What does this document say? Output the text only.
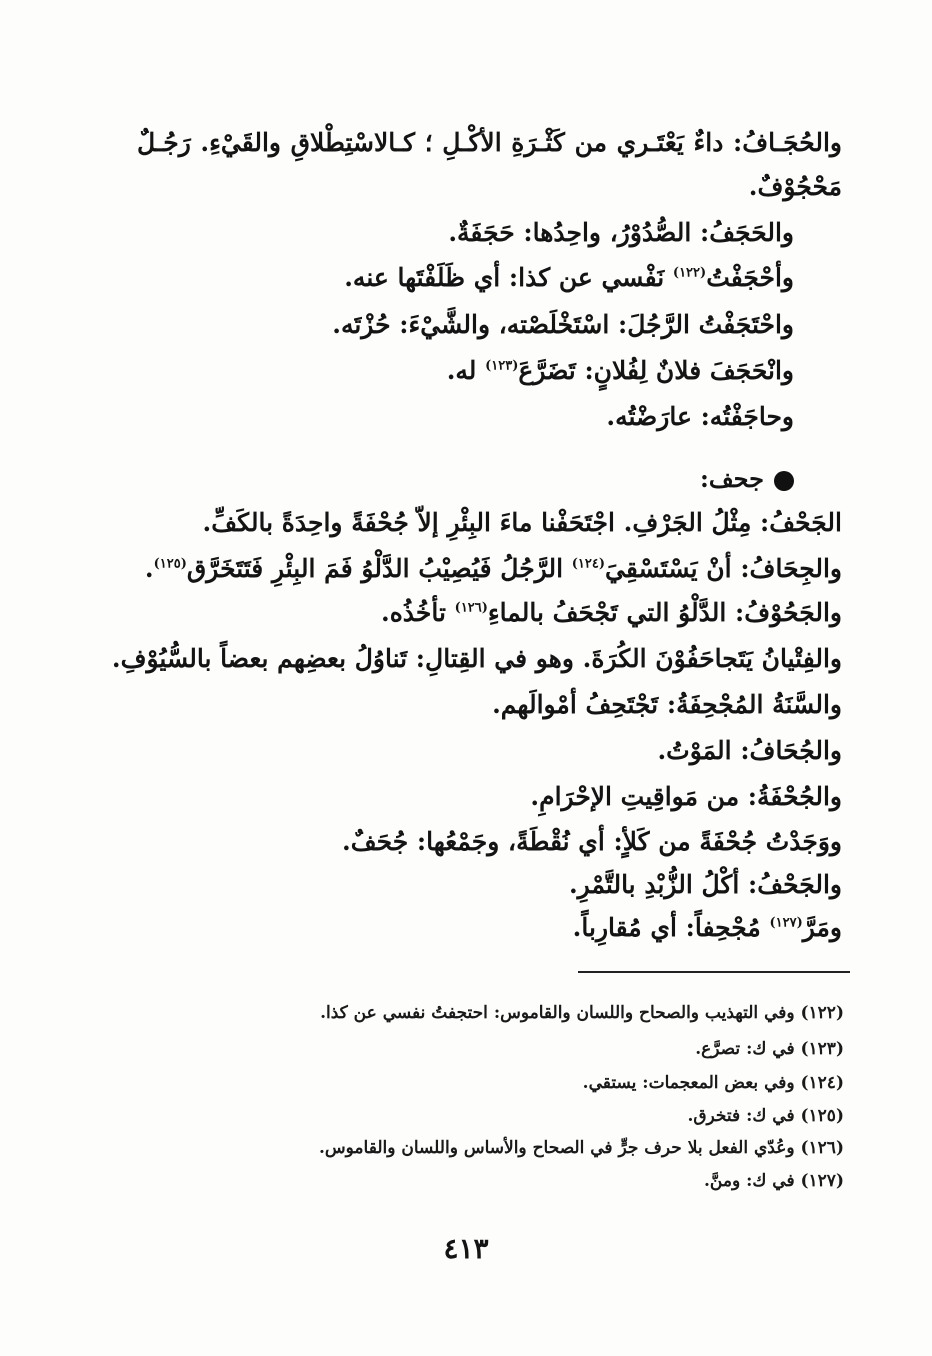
والحُجَـافُ: داءٌ يَعْتَـري من كَثْـرَةِ الأكْـلِ ؛ كـالاسْتِطْلاقِ والقَيْءِ. رَجُـلٌ
مَحْجُوْفٌ.
والحَجَفُ: الصُّدُوْرُ، واحِدُها: حَجَفَةٌ.
وأحْجَفْتُ$^{(١٢٢)}$ نَفْسي عن كذا: أي ظَلَفْتَها عنه.
واحْتَجَفْتُ الرَّجُلَ: اسْتَخْلَصْته، والشَّيْءَ: حُزْتَه.
وانْحَجَفَ فلانٌ لِفُلانٍ: تَضَرَّعَ$^{(١٢٣)}$ له.
وحاجَفْتُه: عارَضْتُه.
جحف:
الجَحْفُ: مِثْلُ الجَرْفِ. اجْتَحَفْنا ماءَ البِئْرِ إلاّ جُحْفَةً واحِدَةً بالكَفِّ.
والجِحَافُ: أنْ يَسْتَسْقِيَ$^{(١٢٤)}$ الرَّجُلُ فَيُصِيْبُ الدَّلْوُ فَمَ البِئْرِ فَتَتَخَرَّق$^{(١٢٥)}$.
والجَحُوْفُ: الدَّلْوُ التي تَجْحَفُ بالماءِ$^{(١٢٦)}$ تأخُذُه.
والفِتْيانُ يَتَجاحَفُوْنَ الكُرَةَ. وهو في القِتالِ: تَناوُلُ بعضِهم بعضاً بالسُّيُوْفِ.
والسَّنَةُ المُجْحِفَةُ: تَجْتَحِفُ أمْوالَهم.
والجُحَافُ: المَوْتُ.
والجُحْفَةُ: من مَواقِيتِ الإحْرَامِ.
ووَجَدْتُ جُحْفَةً من كَلأٍ: أي نُقْطَةً، وجَمْعُها: جُحَفٌ.
والجَحْفُ: أكْلُ الزُّبْدِ بالتَّمْرِ.
ومَرَّ$^{(١٢٧)}$ مُجْحِفاً: أي مُقارِباً.
(١٢٢) وفي التهذيب والصحاح واللسان والقاموس: احتجفتُ نفسي عن كذا.
(١٢٣) في ك: تصرَّع.
(١٢٤) وفي بعض المعجمات: يستقي.
(١٢٥) في ك: فتخرق.
(١٢٦) وعُدّي الفعل بلا حرف جرٍّ في الصحاح والأساس واللسان والقاموس.
(١٢٧) في ك: ومنَّ.
٤١٣
